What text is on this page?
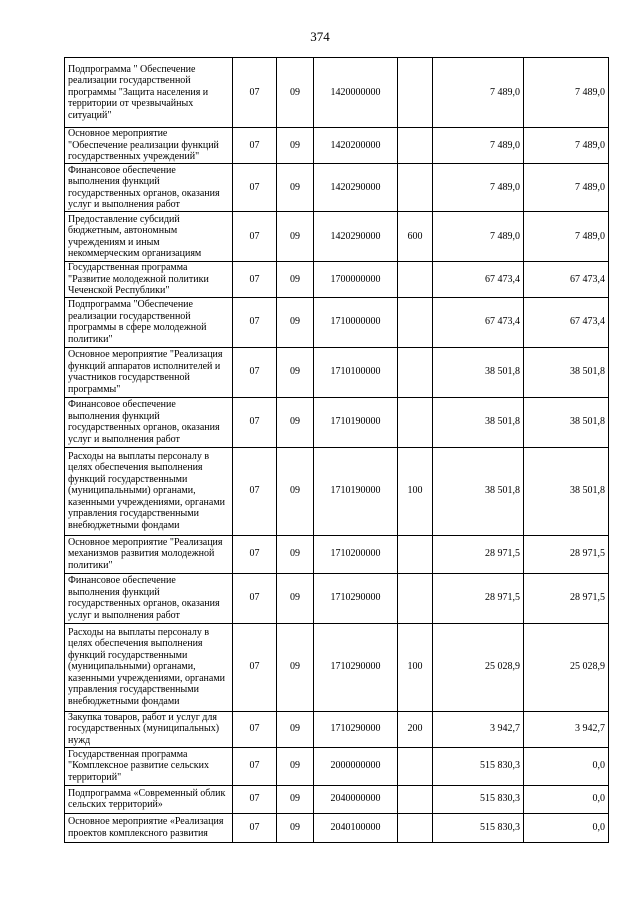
374
Подпрограмма " Обеспечение реализации государственной программы "Защита населения и территории от чрезвычайных ситуаций"	07	09	1420000000		7 489,0	7 489,0
Основное мероприятие "Обеспечение реализации функций государственных учреждений"	07	09	1420200000		7 489,0	7 489,0
Финансовое обеспечение выполнения функций государственных органов, оказания услуг и выполнения работ	07	09	1420290000		7 489,0	7 489,0
Предоставление субсидий бюджетным, автономным учреждениям и иным некоммерческим организациям	07	09	1420290000	600	7 489,0	7 489,0
Государственная программа "Развитие молодежной политики Чеченской Республики"	07	09	1700000000		67 473,4	67 473,4
Подпрограмма "Обеспечение реализации государственной программы в сфере молодежной политики"	07	09	1710000000		67 473,4	67 473,4
Основное мероприятие "Реализация функций аппаратов исполнителей и участников государственной программы"	07	09	1710100000		38 501,8	38 501,8
Финансовое обеспечение выполнения функций государственных органов, оказания услуг и выполнения работ	07	09	1710190000		38 501,8	38 501,8
Расходы на выплаты персоналу в целях обеспечения выполнения функций государственными (муниципальными) органами, казенными учреждениями, органами управления государственными внебюджетными фондами	07	09	1710190000	100	38 501,8	38 501,8
Основное мероприятие "Реализация механизмов развития молодежной политики"	07	09	1710200000		28 971,5	28 971,5
Финансовое обеспечение выполнения функций государственных органов, оказания услуг и выполнения работ	07	09	1710290000		28 971,5	28 971,5
Расходы на выплаты персоналу в целях обеспечения выполнения функций государственными (муниципальными) органами, казенными учреждениями, органами управления государственными внебюджетными фондами	07	09	1710290000	100	25 028,9	25 028,9
Закупка товаров, работ и услуг для государственных (муниципальных) нужд	07	09	1710290000	200	3 942,7	3 942,7
Государственная программа "Комплексное развитие сельских территорий"	07	09	2000000000		515 830,3	0,0
Подпрограмма «Современный облик сельских территорий»	07	09	2040000000		515 830,3	0,0
Основное мероприятие «Реализация проектов комплексного развития	07	09	2040100000		515 830,3	0,0
